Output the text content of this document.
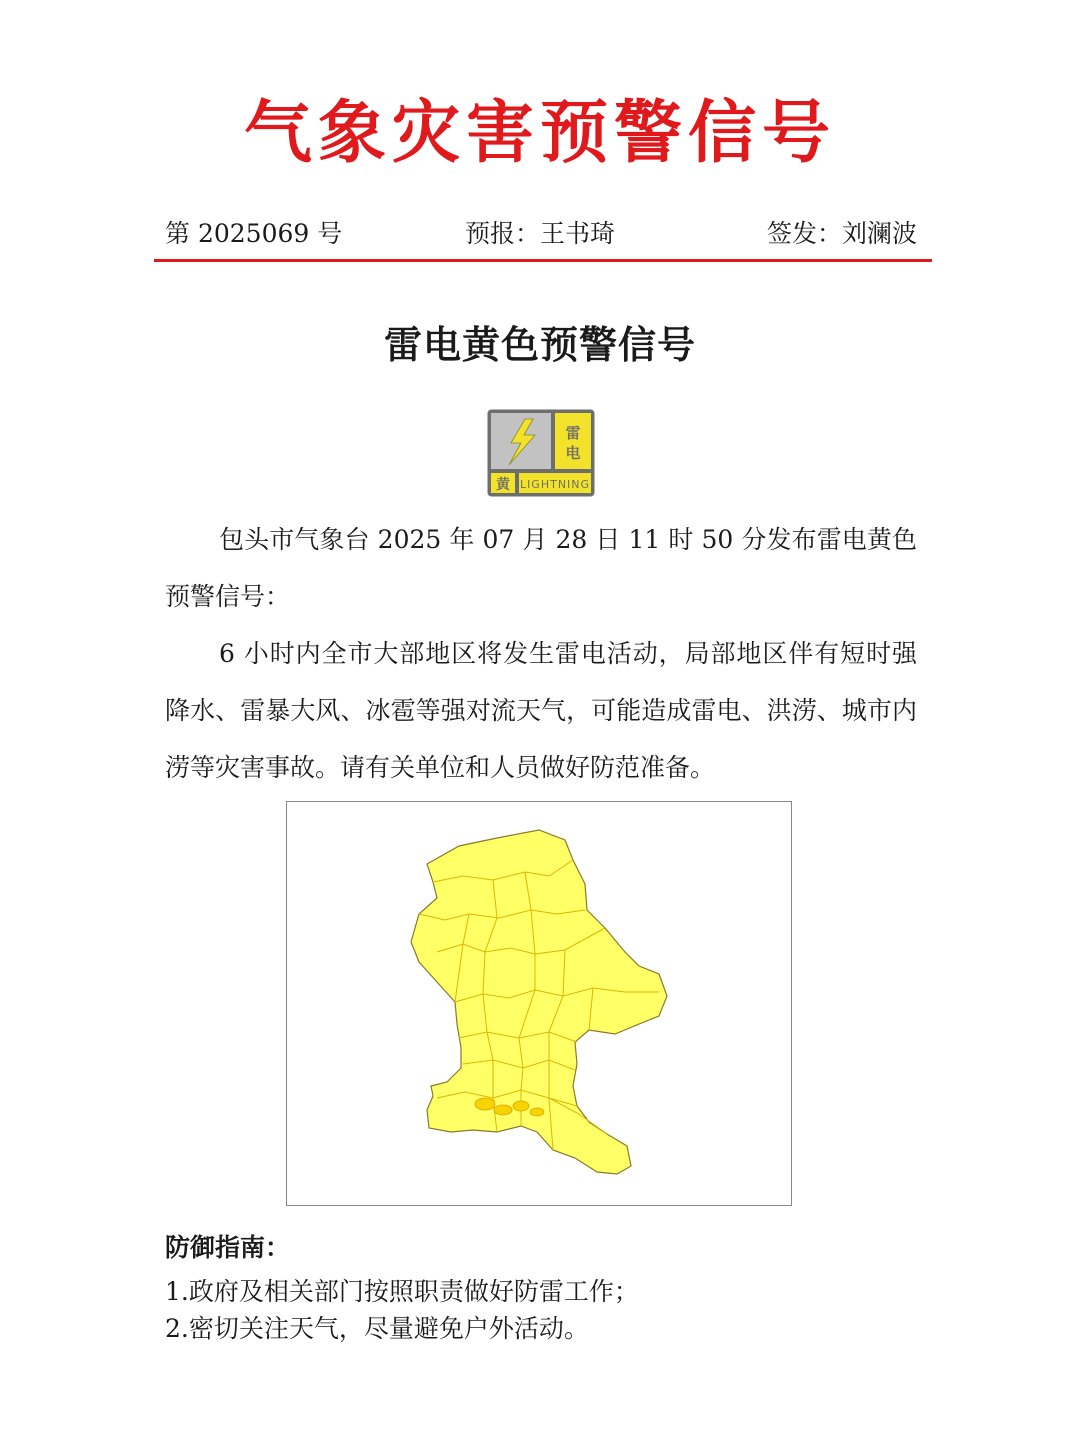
气象灾害预警信号
第 2025069 号	预报：王书琦	签发：刘澜波
雷电黄色预警信号
雷
电
黄 LIGHTNING

包头市气象台 2025 年 07 月 28 日 11 时 50 分发布雷电黄色预警信号：

6 小时内全市大部地区将发生雷电活动，局部地区伴有短时强降水、雷暴大风、冰雹等强对流天气，可能造成雷电、洪涝、城市内涝等灾害事故。请有关单位和人员做好防范准备。

防御指南：
1.政府及相关部门按照职责做好防雷工作；
2.密切关注天气，尽量避免户外活动。
